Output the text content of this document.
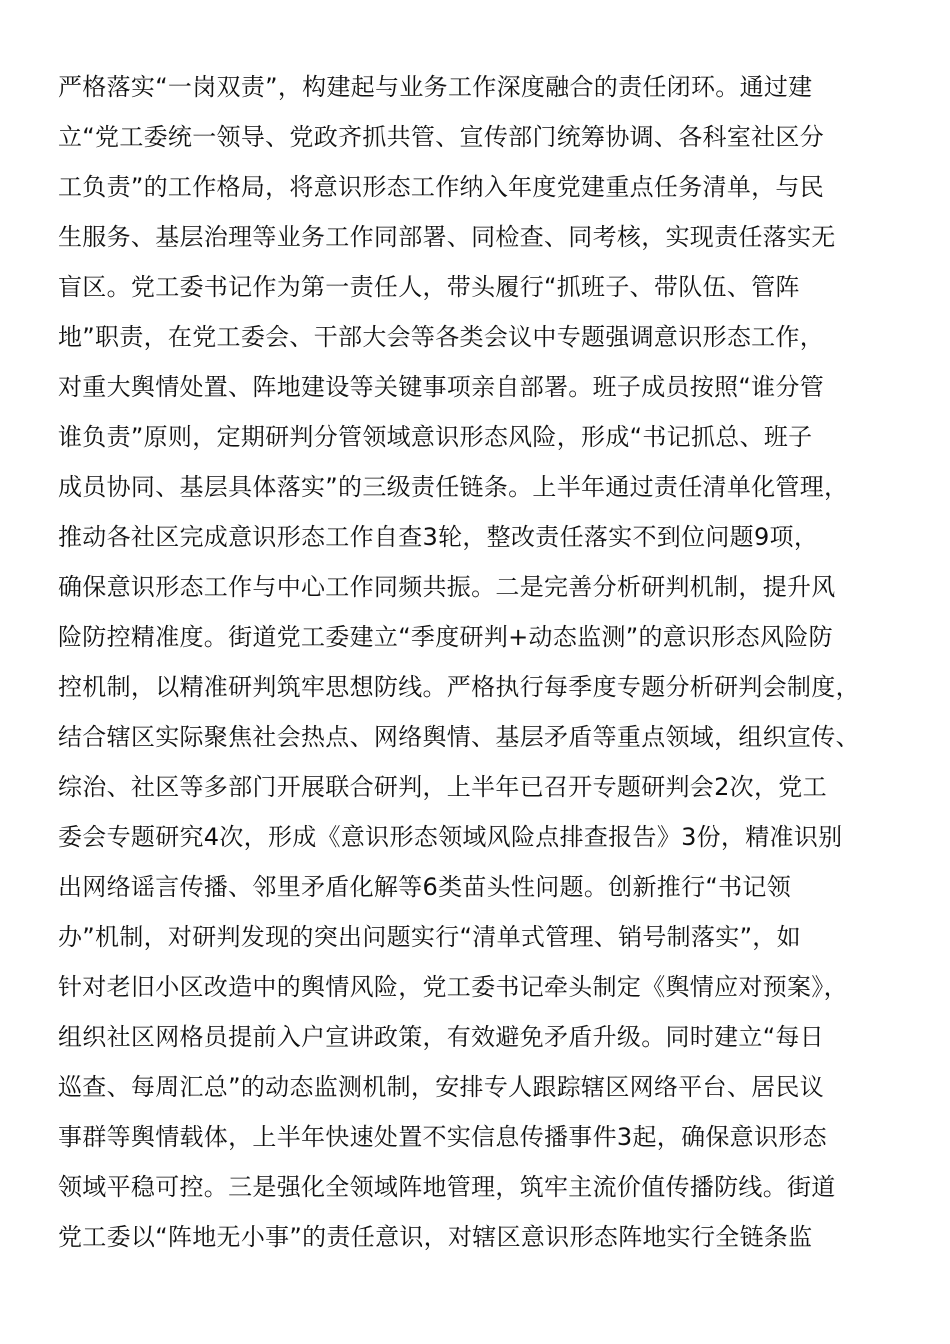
严格落实“一岗双责”，构建起与业务工作深度融合的责任闭环。通过建
立“党工委统一领导、党政齐抓共管、宣传部门统筹协调、各科室社区分
工负责”的工作格局，将意识形态工作纳入年度党建重点任务清单，与民
生服务、基层治理等业务工作同部署、同检查、同考核，实现责任落实无
盲区。党工委书记作为第一责任人，带头履行“抓班子、带队伍、管阵
地”职责，在党工委会、干部大会等各类会议中专题强调意识形态工作，
对重大舆情处置、阵地建设等关键事项亲自部署。班子成员按照“谁分管
谁负责”原则，定期研判分管领域意识形态风险，形成“书记抓总、班子
成员协同、基层具体落实”的三级责任链条。上半年通过责任清单化管理，
推动各社区完成意识形态工作自查3轮，整改责任落实不到位问题9项，
确保意识形态工作与中心工作同频共振。二是完善分析研判机制，提升风
险防控精准度。街道党工委建立“季度研判+动态监测”的意识形态风险防
控机制，以精准研判筑牢思想防线。严格执行每季度专题分析研判会制度，
结合辖区实际聚焦社会热点、网络舆情、基层矛盾等重点领域，组织宣传、
综治、社区等多部门开展联合研判，上半年已召开专题研判会2次，党工
委会专题研究4次，形成《意识形态领域风险点排查报告》3份，精准识别
出网络谣言传播、邻里矛盾化解等6类苗头性问题。创新推行“书记领
办”机制，对研判发现的突出问题实行“清单式管理、销号制落实”，如
针对老旧小区改造中的舆情风险，党工委书记牵头制定《舆情应对预案》，
组织社区网格员提前入户宣讲政策，有效避免矛盾升级。同时建立“每日
巡查、每周汇总”的动态监测机制，安排专人跟踪辖区网络平台、居民议
事群等舆情载体，上半年快速处置不实信息传播事件3起，确保意识形态
领域平稳可控。三是强化全领域阵地管理，筑牢主流价值传播防线。街道
党工委以“阵地无小事”的责任意识，对辖区意识形态阵地实行全链条监
